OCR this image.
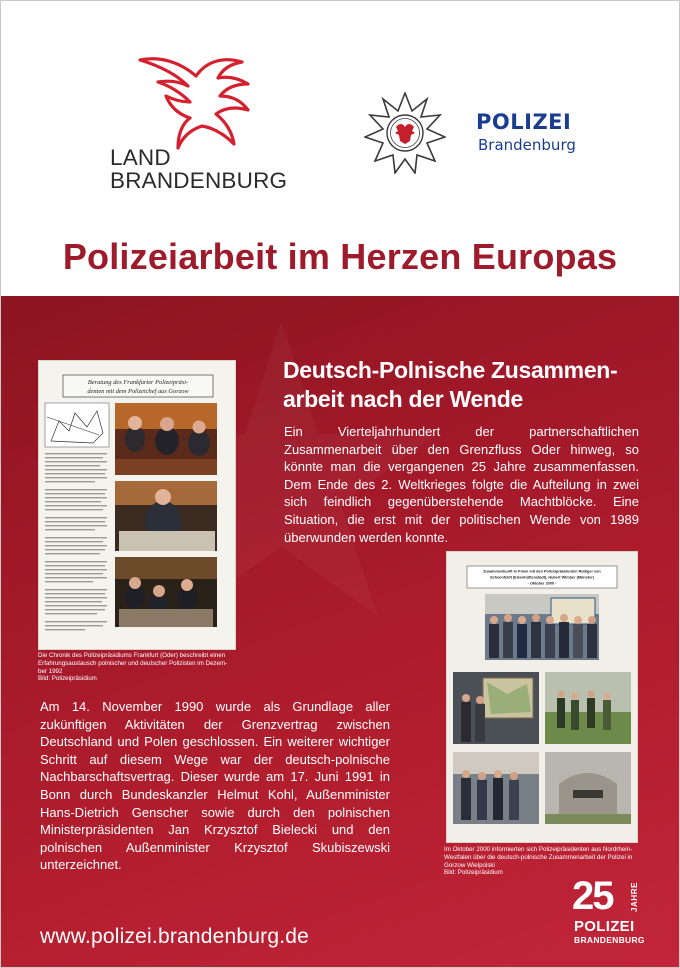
LAND
BRANDENBURG
POLIZEI
Brandenburg
Polizeiarbeit im Herzen Europas
Deutsch-Polnische Zusammen-
arbeit nach der Wende
Ein Vierteljahrhundert der partnerschaftlichen Zusammenarbeit über den Grenzfluss Oder hinweg, so könnte man die vergangenen 25 Jahre zusammenfassen. Dem Ende des 2. Weltkrieges folgte die Aufteilung in zwei sich feindlich gegenüberstehende Machtblöcke. Eine Situation, die erst mit der politischen Wende von 1989 überwunden werden konnte.
Beratung des Frankfurter Polizeipräsi-
denten mit dem Polizeichef aus Gorzow
Die Chronik des Polizeipräsidiums Frankfurt (Oder) beschreibt einen
Erfahrungsaustausch polnischer und deutscher Polizisten im Dezem-
ber 1992
Bild: Polizeipräsidium
Zusammenkunft in Polen mit den Polizeipräsidenten Rüdiger von
Schoenfeldt (Eisenhüttenstadt), Hubert Wimber (Münster)
- Oktober 2000 -
Im Oktober 2000 informierten sich Polizeipräsidenten aus Nordrhein-
Westfalen über die deutsch-polnische Zusammenarbeit der Polizei in
Gorzow Wielpolski
Bild: Polizeipräsidium
Am 14. November 1990 wurde als Grundlage aller zukünftigen Aktivitäten der Grenzvertrag zwischen Deutschland und Polen geschlossen. Ein weiterer wichtiger Schritt auf diesem Wege war der deutsch-polnische Nachbarschaftsvertrag. Dieser wurde am 17. Juni 1991 in Bonn durch Bundeskanzler Helmut Kohl, Außenminister Hans-Dietrich Genscher sowie durch den polnischen Ministerpräsidenten Jan Krzysztof Bielecki und den polnischen Außenminister Krzysztof Skubiszewski unterzeichnet.
www.polizei.brandenburg.de
25 JAHRE
POLIZEI
BRANDENBURG
